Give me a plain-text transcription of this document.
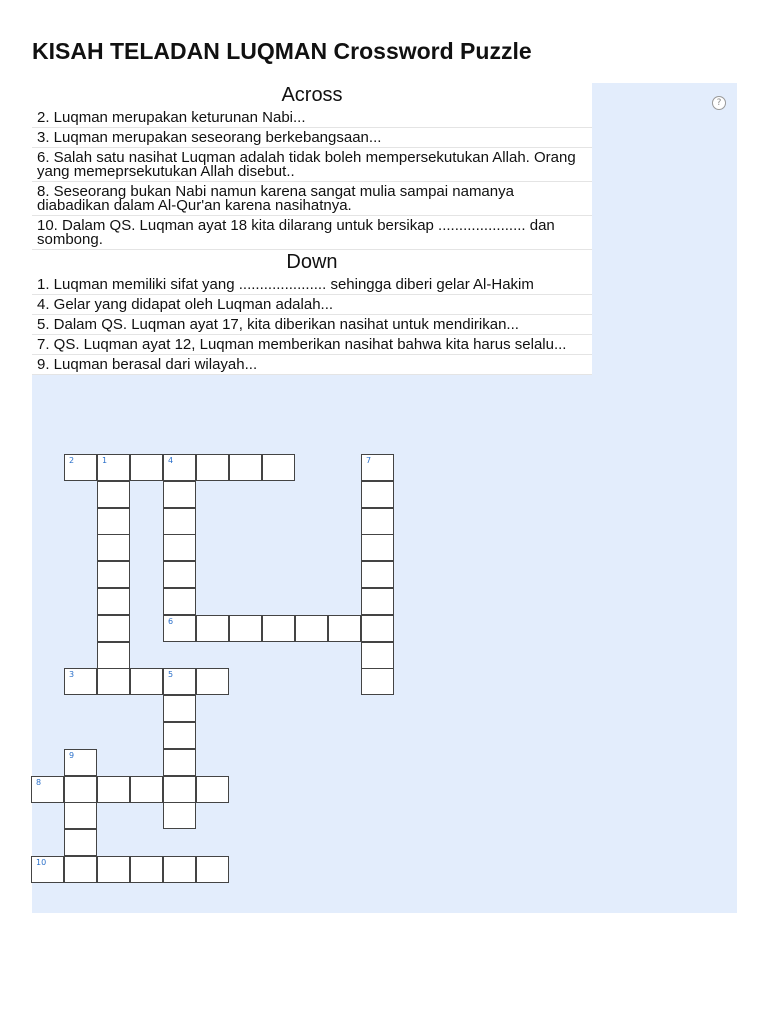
KISAH TELADAN LUQMAN Crossword Puzzle
?
Across
2. Luqman merupakan keturunan Nabi...
3. Luqman merupakan seseorang berkebangsaan...
6. Salah satu nasihat Luqman adalah tidak boleh mempersekutukan Allah. Orang yang memeprsekutukan Allah disebut..
8. Seseorang bukan Nabi namun karena sangat mulia sampai namanya diabadikan dalam Al-Qur'an karena nasihatnya.
10. Dalam QS. Luqman ayat 18 kita dilarang untuk bersikap ..................... dan sombong.
Down
1. Luqman memiliki sifat yang ..................... sehingga diberi gelar Al-Hakim
4. Gelar yang didapat oleh Luqman adalah...
5. Dalam QS. Luqman ayat 17, kita diberikan nasihat untuk mendirikan...
7. QS. Luqman ayat 12, Luqman memberikan nasihat bahwa kita harus selalu...
9. Luqman berasal dari wilayah...
2	1	4	7
6
3	5
9
8
10
